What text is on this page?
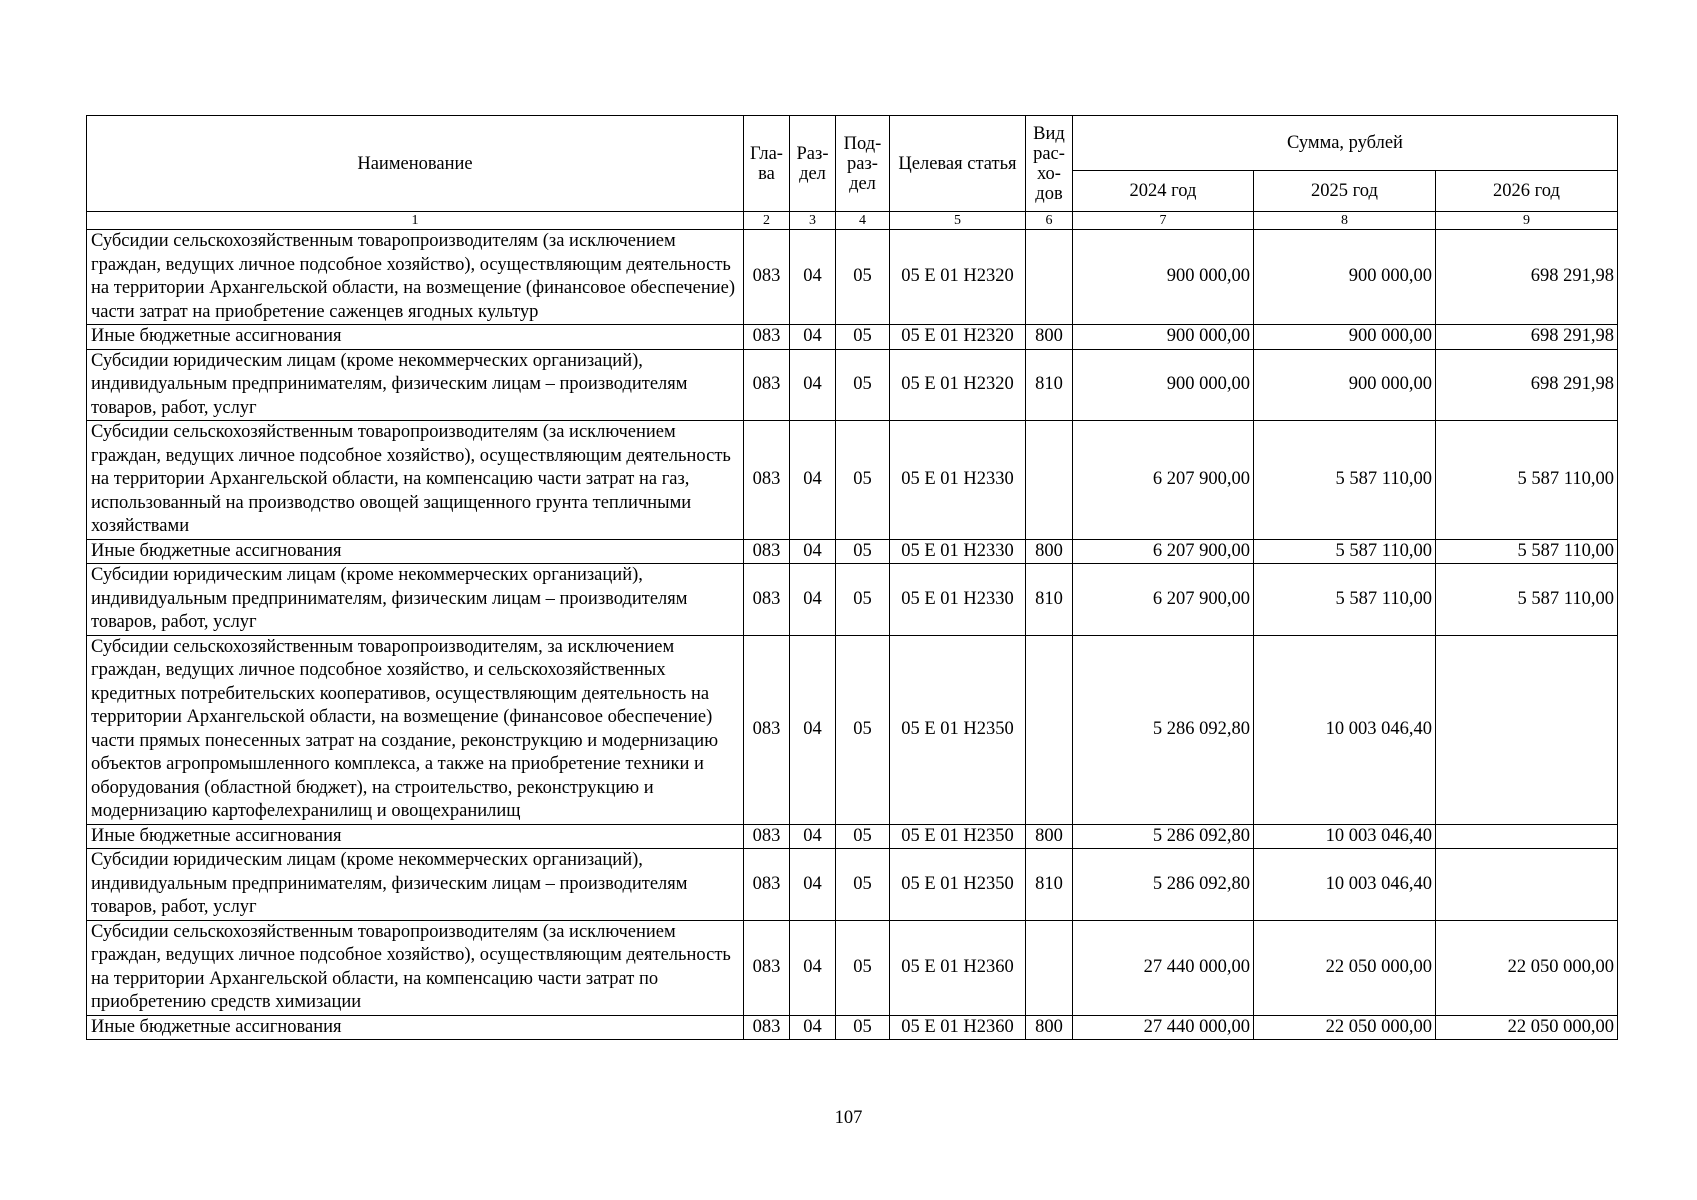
Наименование	Гла-ва	Раз-дел	Под-раз-дел	Целевая статья	Вид рас-хо-дов	Сумма, рублей		
						2024 год	2025 год	2026 год
1	2	3	4	5	6	7	8	9
Субсидии сельскохозяйственным товаропроизводителям (за исключением граждан, ведущих личное подсобное хозяйство), осуществляющим деятельность на территории Архангельской области, на возмещение (финансовое обеспечение) части затрат на приобретение саженцев ягодных культур	083	04	05	05 Е 01 Н2320		900 000,00	900 000,00	698 291,98
Иные бюджетные ассигнования	083	04	05	05 Е 01 Н2320	800	900 000,00	900 000,00	698 291,98
Субсидии юридическим лицам (кроме некоммерческих организаций), индивидуальным предпринимателям, физическим лицам – производителям товаров, работ, услуг	083	04	05	05 Е 01 Н2320	810	900 000,00	900 000,00	698 291,98
Субсидии сельскохозяйственным товаропроизводителям (за исключением граждан, ведущих личное подсобное хозяйство), осуществляющим деятельность на территории Архангельской области, на компенсацию части затрат на газ, использованный на производство овощей защищенного грунта тепличными хозяйствами	083	04	05	05 Е 01 Н2330		6 207 900,00	5 587 110,00	5 587 110,00
Иные бюджетные ассигнования	083	04	05	05 Е 01 Н2330	800	6 207 900,00	5 587 110,00	5 587 110,00
Субсидии юридическим лицам (кроме некоммерческих организаций), индивидуальным предпринимателям, физическим лицам – производителям товаров, работ, услуг	083	04	05	05 Е 01 Н2330	810	6 207 900,00	5 587 110,00	5 587 110,00
Субсидии сельскохозяйственным товаропроизводителям, за исключением граждан, ведущих личное подсобное хозяйство, и сельскохозяйственных кредитных потребительских кооперативов, осуществляющим деятельность на территории Архангельской области, на возмещение (финансовое обеспечение) части прямых понесенных затрат на создание, реконструкцию и модернизацию объектов агропромышленного комплекса, а также на приобретение техники и оборудования (областной бюджет), на строительство, реконструкцию и модернизацию картофелехранилищ и овощехранилищ	083	04	05	05 Е 01 Н2350		5 286 092,80	10 003 046,40	
Иные бюджетные ассигнования	083	04	05	05 Е 01 Н2350	800	5 286 092,80	10 003 046,40	
Субсидии юридическим лицам (кроме некоммерческих организаций), индивидуальным предпринимателям, физическим лицам – производителям товаров, работ, услуг	083	04	05	05 Е 01 Н2350	810	5 286 092,80	10 003 046,40	
Субсидии сельскохозяйственным товаропроизводителям (за исключением граждан, ведущих личное подсобное хозяйство), осуществляющим деятельность на территории Архангельской области, на компенсацию части затрат по приобретению средств химизации	083	04	05	05 Е 01 Н2360		27 440 000,00	22 050 000,00	22 050 000,00
Иные бюджетные ассигнования	083	04	05	05 Е 01 Н2360	800	27 440 000,00	22 050 000,00	22 050 000,00
107
